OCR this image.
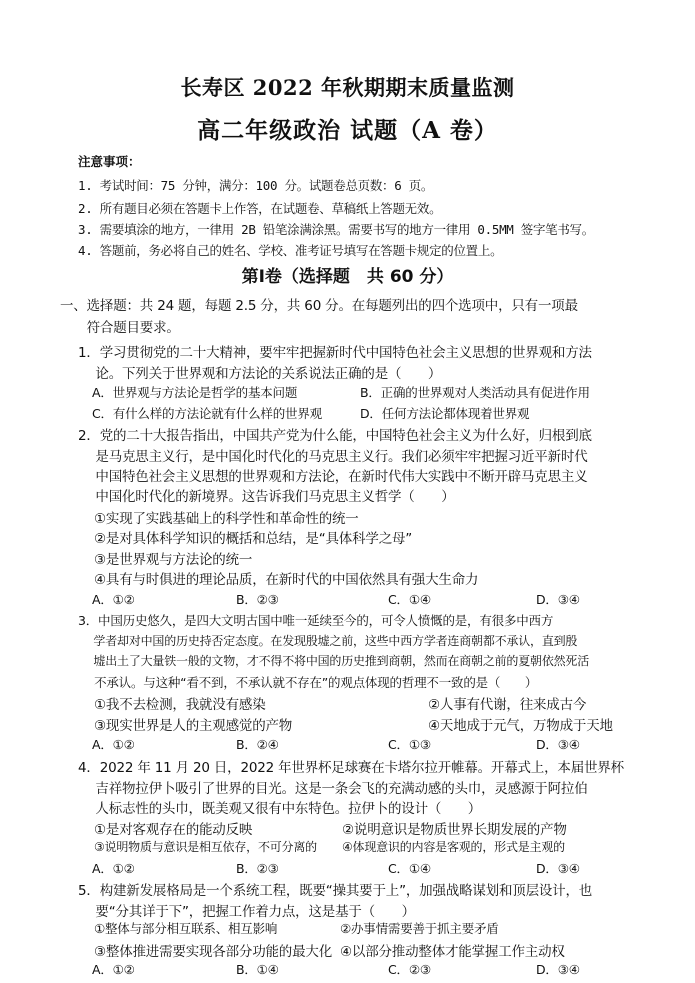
长寿区 2022 年秋期期末质量监测
高二年级政治 试题（A 卷）
注意事项：
1. 考试时间：75 分钟，满分：100 分。试题卷总页数：6 页。
2. 所有题目必须在答题卡上作答，在试题卷、草稿纸上答题无效。
3. 需要填涂的地方，一律用 2B 铅笔涂满涂黑。需要书写的地方一律用 0.5MM 签字笔书写。
4. 答题前，务必将自己的姓名、学校、准考证号填写在答题卡规定的位置上。
第Ⅰ卷（选择题　共 60 分）
一、选择题：共 24 题，每题 2.5 分，共 60 分。在每题列出的四个选项中，只有一项最
　　符合题目要求。
1．学习贯彻党的二十大精神，要牢牢把握新时代中国特色社会主义思想的世界观和方法
　 论。下列关于世界观和方法论的关系说法正确的是（　　）
A．世界观与方法论是哲学的基本问题	B．正确的世界观对人类活动具有促进作用
C．有什么样的方法论就有什么样的世界观	D．任何方法论都体现着世界观
2．党的二十大报告指出，中国共产党为什么能，中国特色社会主义为什么好，归根到底
　 是马克思主义行，是中国化时代化的马克思主义行。我们必须牢牢把握习近平新时代
　 中国特色社会主义思想的世界观和方法论，在新时代伟大实践中不断开辟马克思主义
　 中国化时代化的新境界。这告诉我们马克思主义哲学（　　）
①实现了实践基础上的科学性和革命性的统一
②是对具体科学知识的概括和总结，是“具体科学之母”
③是世界观与方法论的统一
④具有与时俱进的理论品质，在新时代的中国依然具有强大生命力
A．①②	B．②③	C．①④	D．③④
3．中国历史悠久，是四大文明古国中唯一延续至今的，可令人愤慨的是，有很多中西方
　 学者却对中国的历史持否定态度。在发现殷墟之前，这些中西方学者连商朝都不承认，直到殷
　 墟出土了大量铁一般的文物，才不得不将中国的历史推到商朝，然而在商朝之前的夏朝依然死活
　 不承认。与这种“看不到，不承认就不存在”的观点体现的哲理不一致的是（　　）
①我不去检测，我就没有感染	②人事有代谢，往来成古今
③现实世界是人的主观感觉的产物	④天地成于元气，万物成于天地
A．①②	B．②④	C．①③	D．③④
4．2022 年 11 月 20 日，2022 年世界杯足球赛在卡塔尔拉开帷幕。开幕式上，本届世界杯
　 吉祥物拉伊卜吸引了世界的目光。这是一条会飞的充满动感的头巾，灵感源于阿拉伯
　 人标志性的头巾，既美观又很有中东特色。拉伊卜的设计（　　）
①是对客观存在的能动反映	②说明意识是物质世界长期发展的产物
③说明物质与意识是相互依存，不可分离的 ④体现意识的内容是客观的，形式是主观的
A．①②	B．②③	C．①④	D．③④
5．构建新发展格局是一个系统工程，既要“操其要于上”，加强战略谋划和顶层设计，也
　 要“分其详于下”，把握工作着力点，这是基于（　　）
①整体与部分相互联系、相互影响	②办事情需要善于抓主要矛盾
③整体推进需要实现各部分功能的最大化 ④以部分推动整体才能掌握工作主动权
A．①②	B．①④	C．②③	D．③④
